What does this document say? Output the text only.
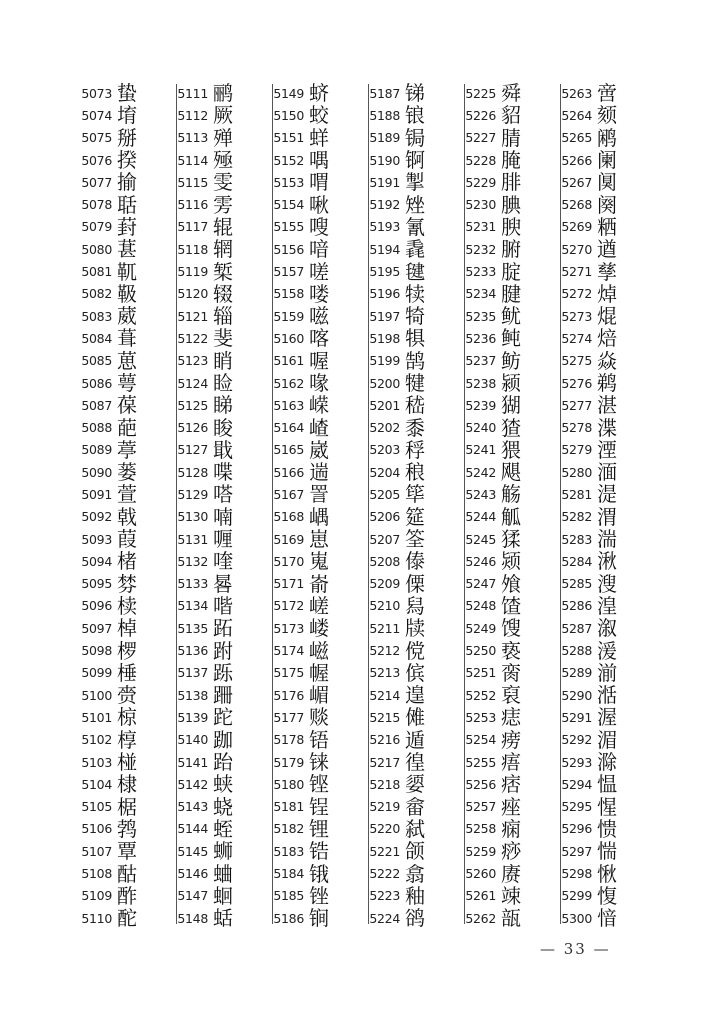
5073 蛰
5074 堉
5075 掰
5076 揆
5077 揄
5078 聒
5079 葑
5080 葚
5081 靰
5082 靸
5083 葳
5084 葺
5085 葸
5086 萼
5087 葆
5088 葩
5089 葶
5090 蒌
5091 萱
5092 戟
5093 葭
5094 楮
5095 棼
5096 椟
5097 棹
5098 椤
5099 棰
5100 赍
5101 椋
5102 椁
5103 椪
5104 棣
5105 椐
5106 鹁
5107 覃
5108 酤
5109 酢
5110 酡
5111 鹂
5112 厥
5113 殚
5114 殛
5115 雯
5116 雱
5117 辊
5118 辋
5119 椠
5120 辍
5121 辎
5122 斐
5123 睄
5124 睑
5125 睇
5126 睃
5127 戢
5128 喋
5129 嗒
5130 喃
5131 喱
5132 喹
5133 晷
5134 喈
5135 跖
5136 跗
5137 跞
5138 跚
5139 跎
5140 跏
5141 跆
5142 蛱
5143 蛲
5144 蛭
5145 蛳
5146 蛐
5147 蛔
5148 蛞
5149 蛴
5150 蛟
5151 蛘
5152 喁
5153 喟
5154 啾
5155 嗖
5156 喑
5157 嗟
5158 喽
5159 嗞
5160 喀
5161 喔
5162 喙
5163 嵘
5164 嵖
5165 崴
5166 遄
5167 詈
5168 嵎
5169 崽
5170 嵬
5171 嵛
5172 嵯
5173 嵝
5174 嵫
5175 幄
5176 嵋
5177 赕
5178 铻
5179 铼
5180 铿
5181 锃
5182 锂
5183 锆
5184 锇
5185 锉
5186 锏
5187 锑
5188 锒
5189 锔
5190 锕
5191 掣
5192 矬
5193 氰
5194 毳
5195 毽
5196 犊
5197 犄
5198 犋
5199 鹄
5200 犍
5201 嵇
5202 黍
5203 稃
5204 稂
5205 筚
5206 筵
5207 筌
5208 傣
5209 傈
5210 舄
5211 牍
5212 傥
5213 傧
5214 遑
5215 傩
5216 遁
5217 徨
5218 媭
5219 畲
5220 弑
5221 颌
5222 翕
5223 釉
5224 鹆
5225 舜
5226 貂
5227 腈
5228 腌
5229 腓
5230 腆
5231 腴
5232 腑
5233 腚
5234 腱
5235 鱿
5236 鲀
5237 鲂
5238 颍
5239 猢
5240 猹
5241 猥
5242 飓
5243 觞
5244 觚
5245 猱
5246 颎
5247 飧
5248 馇
5249 馊
5250 亵
5251 脔
5252 裒
5253 痣
5254 痨
5255 痦
5256 痞
5257 痤
5258 痫
5259 痧
5260 赓
5261 竦
5262 瓿
5263 啻
5264 颏
5265 鹇
5266 阑
5267 阒
5268 阕
5269 粞
5270 遒
5271 孳
5272 焯
5273 焜
5274 焙
5275 焱
5276 鹈
5277 湛
5278 渫
5279 湮
5280 湎
5281 湜
5282 渭
5283 湍
5284 湫
5285 溲
5286 湟
5287 溆
5288 湲
5289 湔
5290 湉
5291 渥
5292 湄
5293 滁
5294 愠
5295 惺
5296 愦
5297 惴
5298 愀
5299 愎
5300 愔
— 33 —
